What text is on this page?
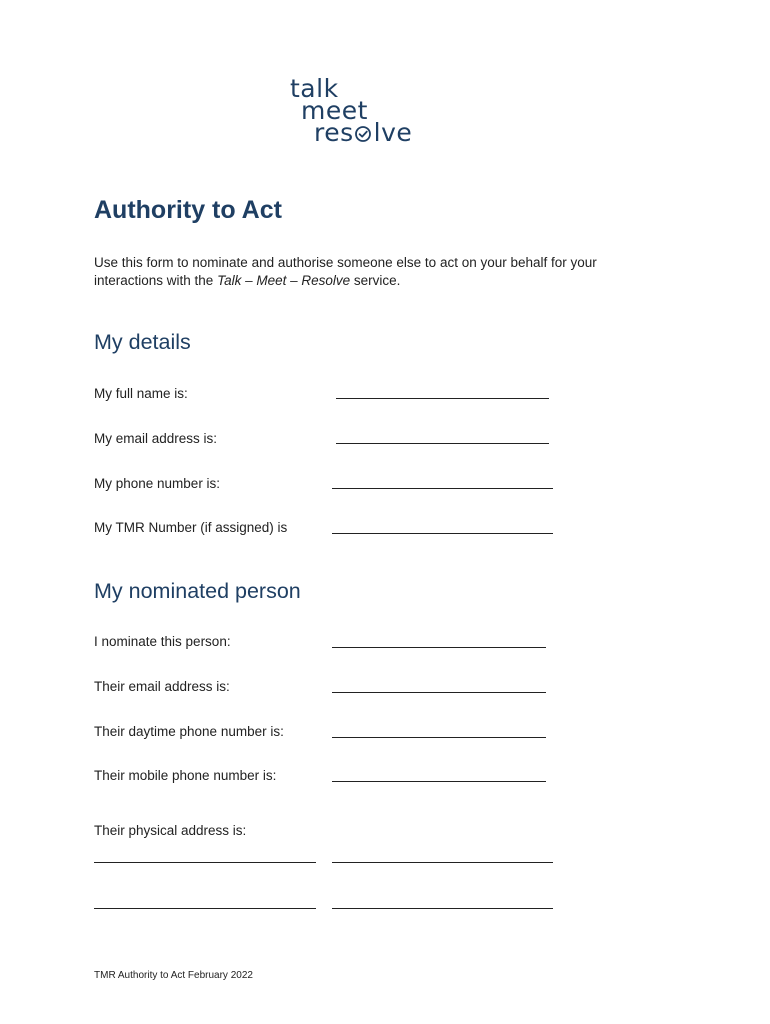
talk
meet
res lve
Authority to Act
Use this form to nominate and authorise someone else to act on your behalf for your interactions with the Talk – Meet – Resolve service.
My details
My full name is:
My email address is:
My phone number is:
My TMR Number (if assigned) is
My nominated person
I nominate this person:
Their email address is:
Their daytime phone number is:
Their mobile phone number is:
Their physical address is:
TMR Authority to Act February 2022
